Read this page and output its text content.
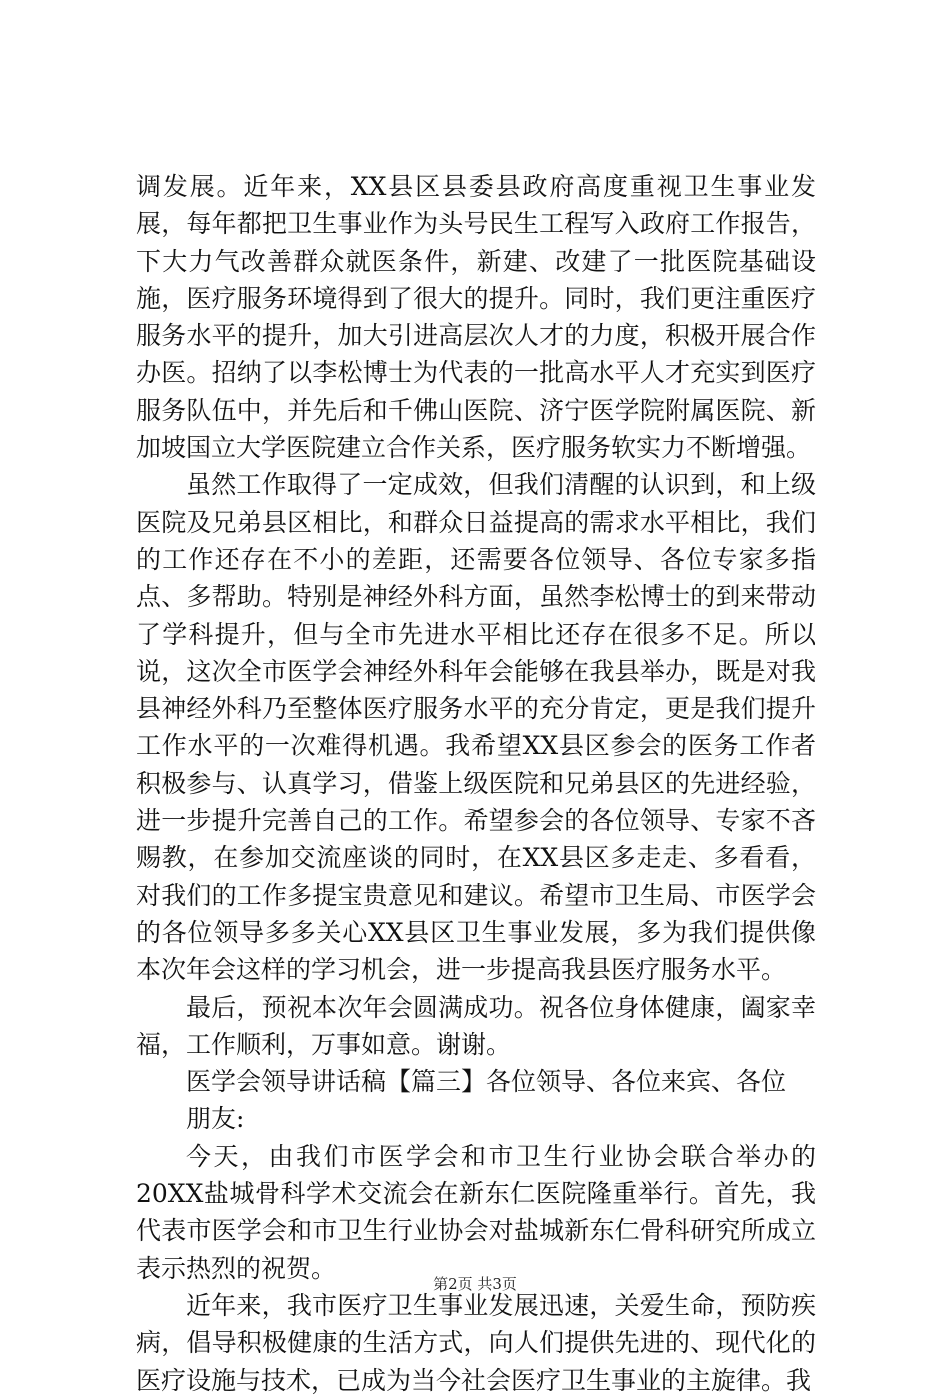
调发展。近年来，XX县区县委县政府高度重视卫生事业发展，每年都把卫生事业作为头号民生工程写入政府工作报告，下大力气改善群众就医条件，新建、改建了一批医院基础设施，医疗服务环境得到了很大的提升。同时，我们更注重医疗服务水平的提升，加大引进高层次人才的力度，积极开展合作办医。招纳了以李松博士为代表的一批高水平人才充实到医疗服务队伍中，并先后和千佛山医院、济宁医学院附属医院、新加坡国立大学医院建立合作关系，医疗服务软实力不断增强。

虽然工作取得了一定成效，但我们清醒的认识到，和上级医院及兄弟县区相比，和群众日益提高的需求水平相比，我们的工作还存在不小的差距，还需要各位领导、各位专家多指点、多帮助。特别是神经外科方面，虽然李松博士的到来带动了学科提升，但与全市先进水平相比还存在很多不足。所以说，这次全市医学会神经外科年会能够在我县举办，既是对我县神经外科乃至整体医疗服务水平的充分肯定，更是我们提升工作水平的一次难得机遇。我希望XX县区参会的医务工作者积极参与、认真学习，借鉴上级医院和兄弟县区的先进经验，进一步提升完善自己的工作。希望参会的各位领导、专家不吝赐教，在参加交流座谈的同时，在XX县区多走走、多看看，对我们的工作多提宝贵意见和建议。希望市卫生局、市医学会的各位领导多多关心XX县区卫生事业发展，多为我们提供像本次年会这样的学习机会，进一步提高我县医疗服务水平。

最后，预祝本次年会圆满成功。祝各位身体健康，阖家幸福，工作顺利，万事如意。谢谢。

医学会领导讲话稿【篇三】各位领导、各位来宾、各位

朋友:

今天，由我们市医学会和市卫生行业协会联合举办的20XX盐城骨科学术交流会在新东仁医院隆重举行。首先，我代表市医学会和市卫生行业协会对盐城新东仁骨科研究所成立表示热烈的祝贺。

近年来，我市医疗卫生事业发展迅速，关爱生命，预防疾病，倡导积极健康的生活方式，向人们提供先进的、现代化的医疗设施与技术，已成为当今社会医疗卫生事业的主旋律。我

第2页 共3页
